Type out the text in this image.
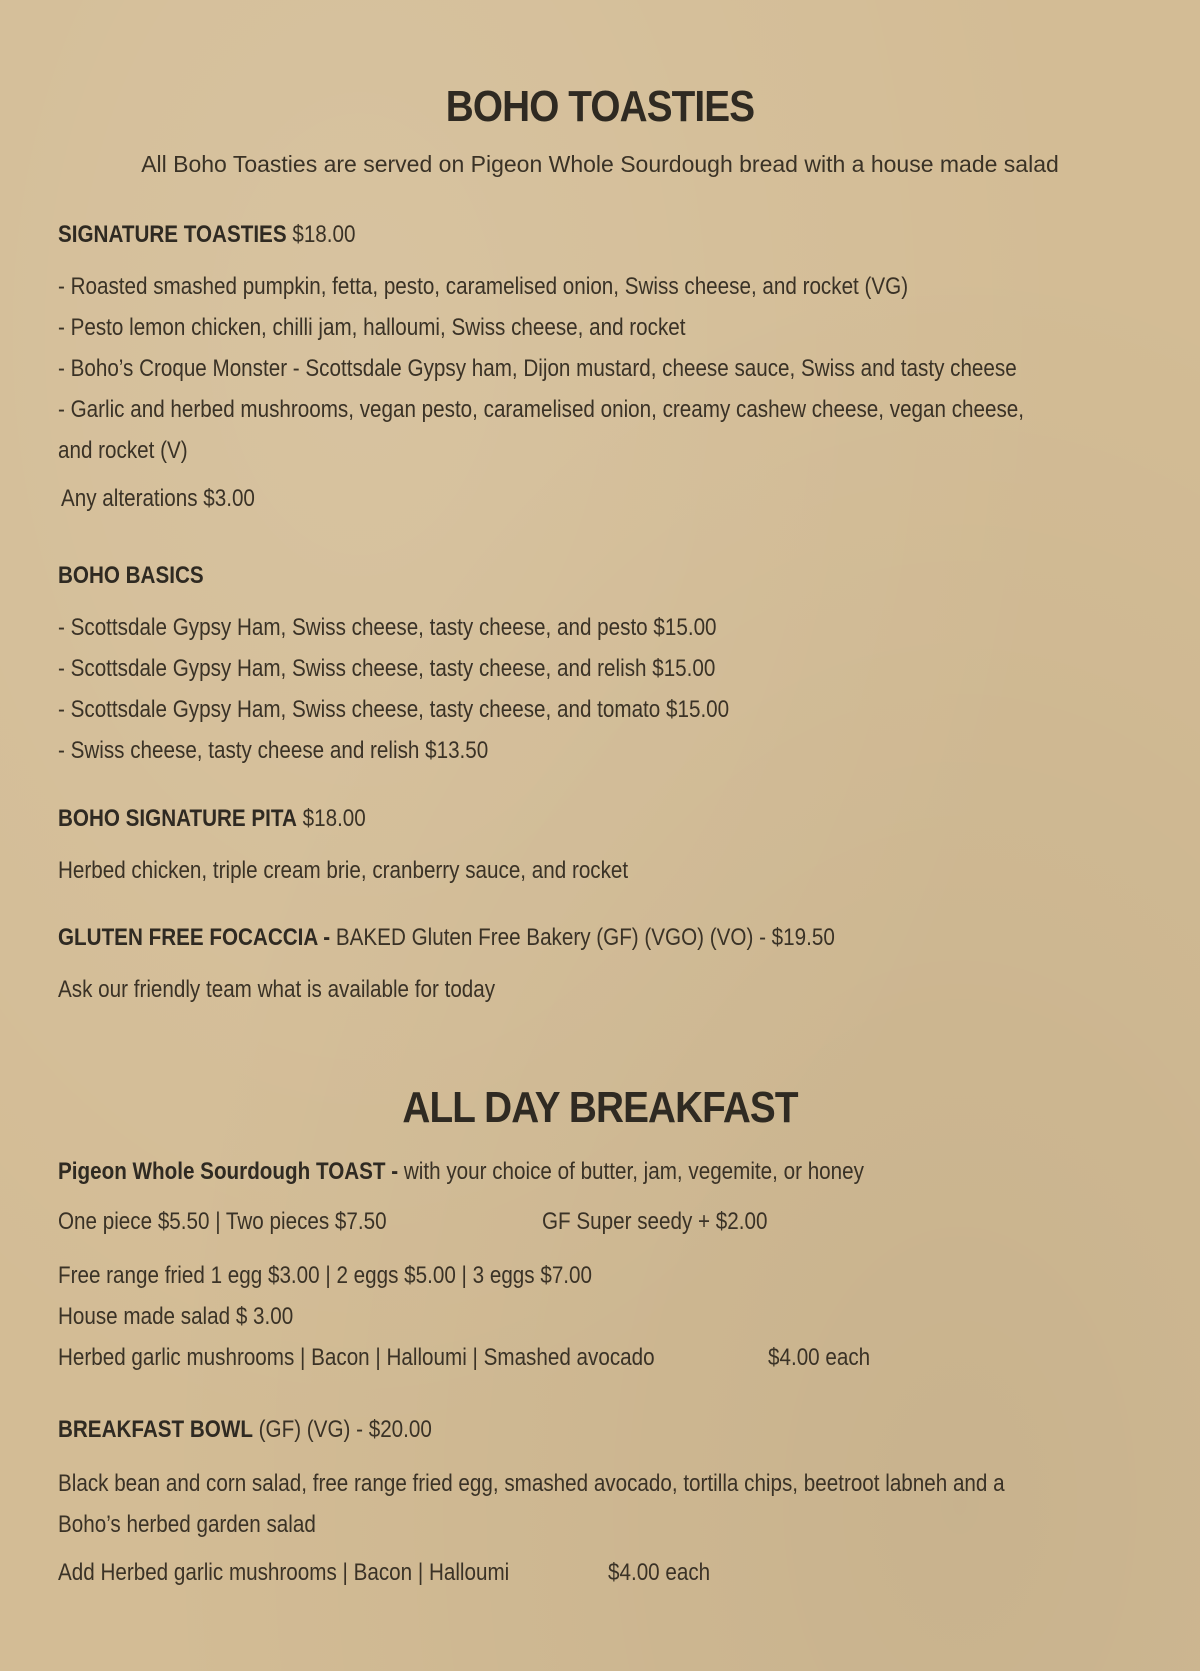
BOHO TOASTIES
All Boho Toasties are served on Pigeon Whole Sourdough bread with a house made salad
SIGNATURE TOASTIES $18.00
- Roasted smashed pumpkin, fetta, pesto, caramelised onion, Swiss cheese, and rocket (VG)
- Pesto lemon chicken, chilli jam, halloumi, Swiss cheese, and rocket
- Boho’s Croque Monster - Scottsdale Gypsy ham, Dijon mustard, cheese sauce, Swiss and tasty cheese
- Garlic and herbed mushrooms, vegan pesto, caramelised onion, creamy cashew cheese, vegan cheese,
and rocket (V)
Any alterations $3.00
BOHO BASICS
- Scottsdale Gypsy Ham, Swiss cheese, tasty cheese, and pesto $15.00
- Scottsdale Gypsy Ham, Swiss cheese, tasty cheese, and relish $15.00
- Scottsdale Gypsy Ham, Swiss cheese, tasty cheese, and tomato $15.00
- Swiss cheese, tasty cheese and relish $13.50
BOHO SIGNATURE PITA $18.00
Herbed chicken, triple cream brie, cranberry sauce, and rocket
GLUTEN FREE FOCACCIA - BAKED Gluten Free Bakery (GF) (VGO) (VO) - $19.50
Ask our friendly team what is available for today
ALL DAY BREAKFAST
Pigeon Whole Sourdough TOAST - with your choice of butter, jam, vegemite, or honey
One piece $5.50 | Two pieces $7.50	GF Super seedy + $2.00
Free range fried 1 egg $3.00 | 2 eggs $5.00 | 3 eggs $7.00
House made salad $ 3.00
Herbed garlic mushrooms | Bacon | Halloumi | Smashed avocado	$4.00 each
BREAKFAST BOWL (GF) (VG) - $20.00
Black bean and corn salad, free range fried egg, smashed avocado, tortilla chips, beetroot labneh and a
Boho’s herbed garden salad
Add Herbed garlic mushrooms | Bacon | Halloumi	$4.00 each
